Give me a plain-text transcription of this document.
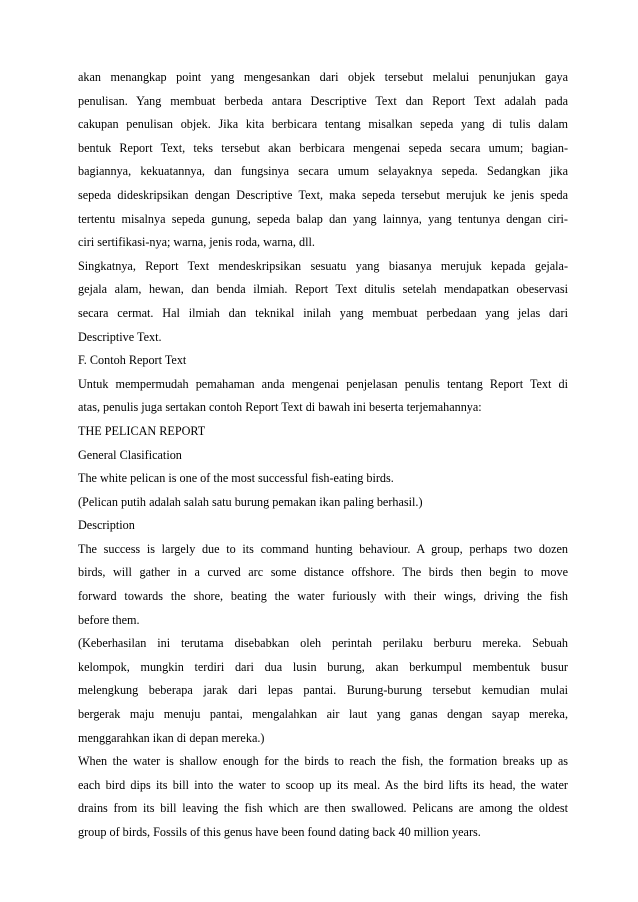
akan menangkap point yang mengesankan dari objek tersebut melalui penunjukan gaya
penulisan. Yang membuat berbeda antara Descriptive Text dan Report Text adalah pada
cakupan penulisan objek. Jika kita berbicara tentang misalkan sepeda yang di tulis dalam
bentuk Report Text, teks tersebut akan berbicara mengenai sepeda secara umum; bagian-
bagiannya, kekuatannya, dan fungsinya secara umum selayaknya sepeda. Sedangkan jika
sepeda dideskripsikan dengan Descriptive Text, maka sepeda tersebut merujuk ke jenis speda
tertentu misalnya sepeda gunung, sepeda balap dan yang lainnya, yang tentunya dengan ciri-
ciri sertifikasi-nya; warna, jenis roda, warna, dll.
Singkatnya, Report Text mendeskripsikan sesuatu yang biasanya merujuk kepada gejala-
gejala alam, hewan, dan benda ilmiah. Report Text ditulis setelah mendapatkan obeservasi
secara cermat. Hal ilmiah dan teknikal inilah yang membuat perbedaan yang jelas dari
Descriptive Text.
F. Contoh Report Text
Untuk mempermudah pemahaman anda mengenai penjelasan penulis tentang Report Text di
atas, penulis juga sertakan contoh Report Text di bawah ini beserta terjemahannya:
THE PELICAN REPORT
General Clasification
The white pelican is one of the most successful fish-eating birds.
(Pelican putih adalah salah satu burung pemakan ikan paling berhasil.)
Description
The success is largely due to its command hunting behaviour. A group, perhaps two dozen
birds, will gather in a curved arc some distance offshore. The birds then begin to move
forward towards the shore, beating the water furiously with their wings, driving the fish
before them.
(Keberhasilan ini terutama disebabkan oleh perintah perilaku berburu mereka. Sebuah
kelompok, mungkin terdiri dari dua lusin burung, akan berkumpul membentuk busur
melengkung beberapa jarak dari lepas pantai. Burung-burung tersebut kemudian mulai
bergerak maju menuju pantai, mengalahkan air laut yang ganas dengan sayap mereka,
menggarahkan ikan di depan mereka.)
When the water is shallow enough for the birds to reach the fish, the formation breaks up as
each bird dips its bill into the water to scoop up its meal. As the bird lifts its head, the water
drains from its bill leaving the fish which are then swallowed. Pelicans are among the oldest
group of birds, Fossils of this genus have been found dating back 40 million years.
